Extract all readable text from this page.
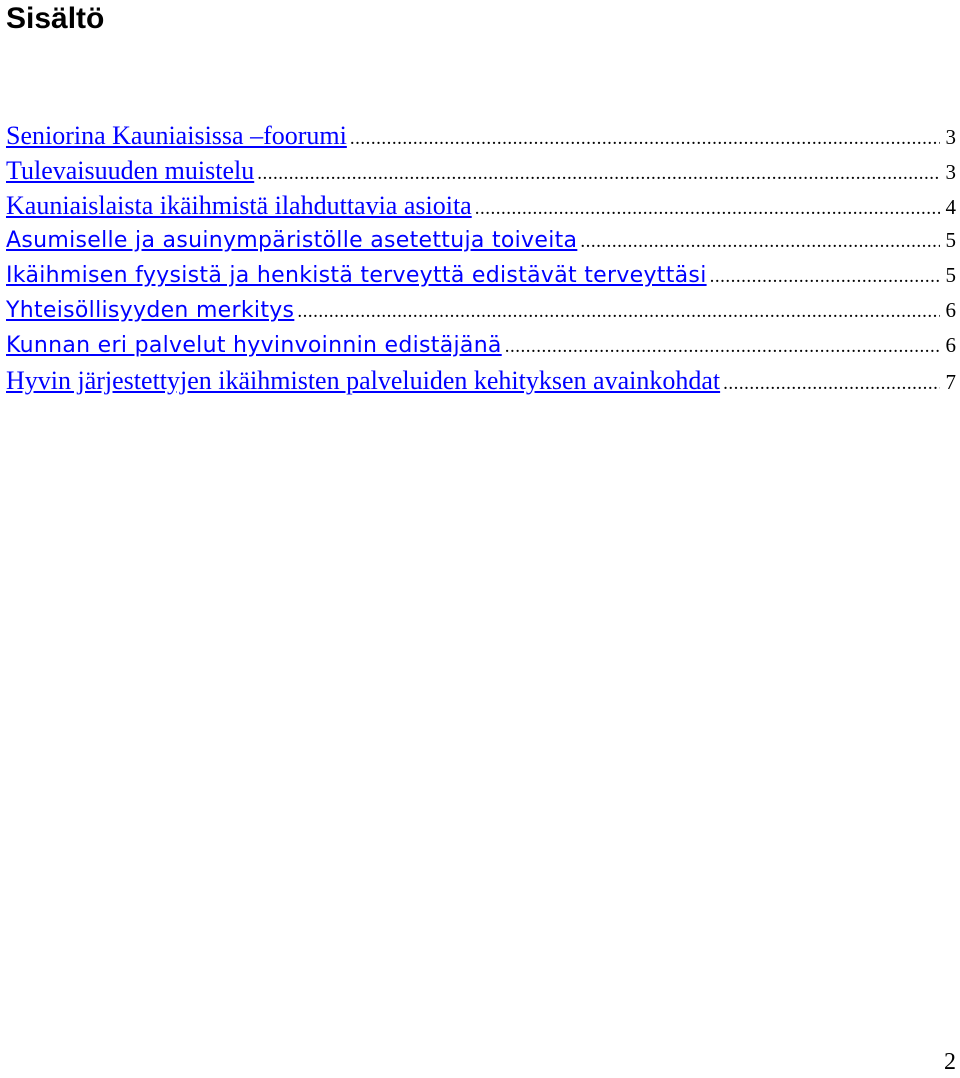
Sisältö
Seniorina Kauniaisissa –foorumi .....	3
Tulevaisuuden muistelu .....	3
Kauniaislaista ikäihmistä ilahduttavia asioita .....	4
Asumiselle ja asuinympäristölle asetettuja toiveita .....	5
Ikäihmisen fyysistä ja henkistä terveyttä edistävät terveyttäsi .....	5
Yhteisöllisyyden merkitys .....	6
Kunnan eri palvelut hyvinvoinnin edistäjänä .....	6
Hyvin järjestettyjen ikäihmisten palveluiden kehityksen avainkohdat .....	7
2
